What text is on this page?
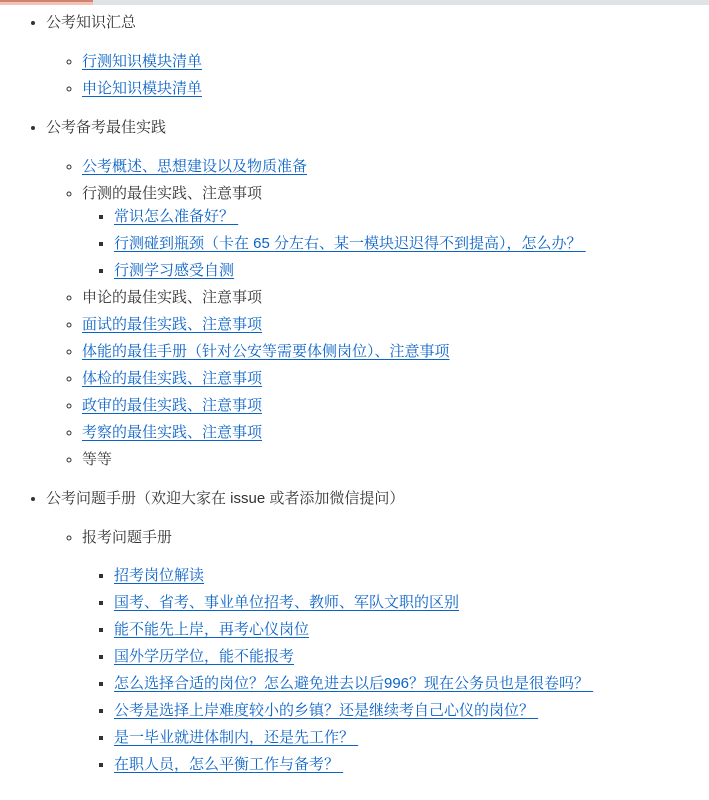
• 公考知识汇总
◦ 行测知识模块清单
◦ 申论知识模块清单
• 公考备考最佳实践
◦ 公考概述、思想建设以及物质准备
◦ 行测的最佳实践、注意事项
▪ 常识怎么准备好？
▪ 行测碰到瓶颈（卡在 65 分左右、某一模块迟迟得不到提高），怎么办？
▪ 行测学习感受自测
◦ 申论的最佳实践、注意事项
◦ 面试的最佳实践、注意事项
◦ 体能的最佳手册（针对公安等需要体侧岗位）、注意事项
◦ 体检的最佳实践、注意事项
◦ 政审的最佳实践、注意事项
◦ 考察的最佳实践、注意事项
◦ 等等
• 公考问题手册（欢迎大家在 issue 或者添加微信提问）
◦ 报考问题手册
▪ 招考岗位解读
▪ 国考、省考、事业单位招考、教师、军队文职的区别
▪ 能不能先上岸，再考心仪岗位
▪ 国外学历学位，能不能报考
▪ 怎么选择合适的岗位？怎么避免进去以后996？现在公务员也是很卷吗？
▪ 公考是选择上岸难度较小的乡镇？还是继续考自己心仪的岗位？
▪ 是一毕业就进体制内，还是先工作？
▪ 在职人员，怎么平衡工作与备考？
